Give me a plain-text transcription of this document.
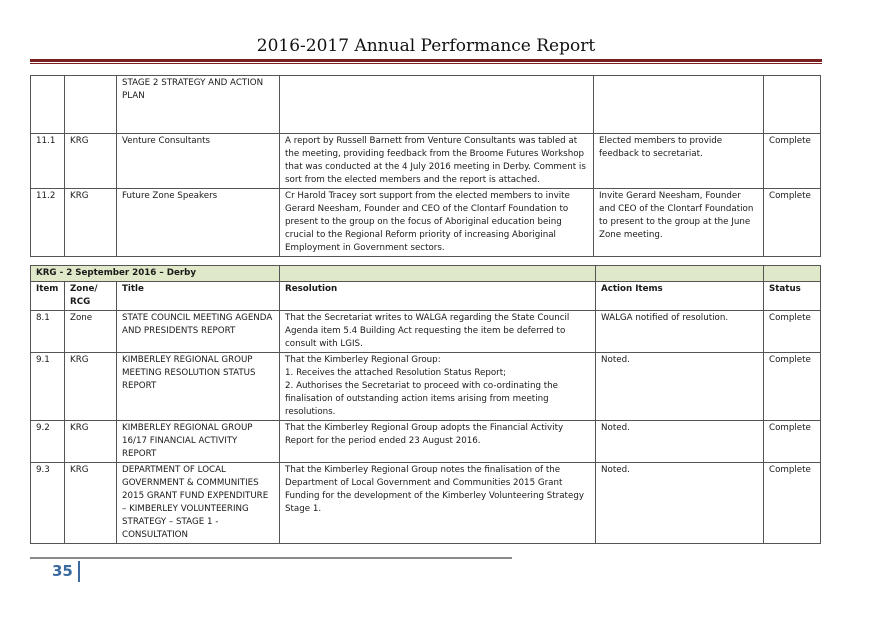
2016-2017 Annual Performance Report
		STAGE 2 STRATEGY AND ACTION PLAN			
11.1	KRG	Venture Consultants	A report by Russell Barnett from Venture Consultants was tabled at the meeting, providing feedback from the Broome Futures Workshop that was conducted at the 4 July 2016 meeting in Derby. Comment is sort from the elected members and the report is attached.	Elected members to provide feedback to secretariat.	Complete
11.2	KRG	Future Zone Speakers	Cr Harold Tracey sort support from the elected members to invite Gerard Neesham, Founder and CEO of the Clontarf Foundation to present to the group on the focus of Aboriginal education being crucial to the Regional Reform priority of increasing Aboriginal Employment in Government sectors.	Invite Gerard Neesham, Founder and CEO of the Clontarf Foundation to present to the group at the June Zone meeting.	Complete
KRG - 2 September 2016 – Derby					
Item	Zone/ RCG	Title	Resolution	Action Items	Status
8.1	Zone	STATE COUNCIL MEETING AGENDA AND PRESIDENTS REPORT	That the Secretariat writes to WALGA regarding the State Council Agenda item 5.4 Building Act requesting the item be deferred to consult with LGIS.	WALGA notified of resolution.	Complete
9.1	KRG	KIMBERLEY REGIONAL GROUP MEETING RESOLUTION STATUS REPORT	That the Kimberley Regional Group:
1. Receives the attached Resolution Status Report;
2. Authorises the Secretariat to proceed with co-ordinating the finalisation of outstanding action items arising from meeting resolutions.	Noted.	Complete
9.2	KRG	KIMBERLEY REGIONAL GROUP 16/17 FINANCIAL ACTIVITY REPORT	That the Kimberley Regional Group adopts the Financial Activity Report for the period ended 23 August 2016.	Noted.	Complete
9.3	KRG	DEPARTMENT OF LOCAL GOVERNMENT & COMMUNITIES 2015 GRANT FUND EXPENDITURE – KIMBERLEY VOLUNTEERING STRATEGY – STAGE 1 - CONSULTATION	That the Kimberley Regional Group notes the finalisation of the Department of Local Government and Communities 2015 Grant Funding for the development of the Kimberley Volunteering Strategy Stage 1.	Noted.	Complete
35
